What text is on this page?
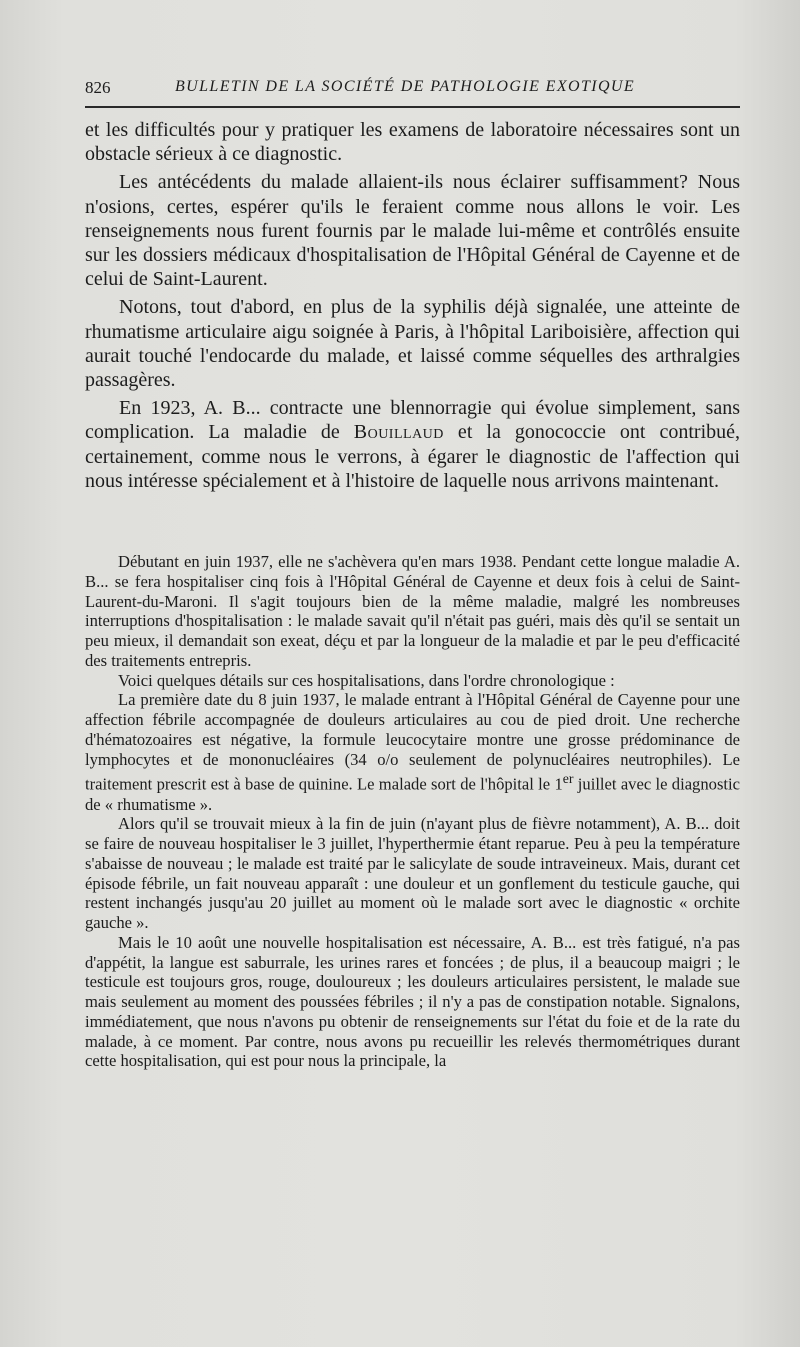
826	BULLETIN DE LA SOCIÉTÉ DE PATHOLOGIE EXOTIQUE

et les difficultés pour y pratiquer les examens de laboratoire nécessaires sont un obstacle sérieux à ce diagnostic.

Les antécédents du malade allaient-ils nous éclairer suffisamment? Nous n'osions, certes, espérer qu'ils le feraient comme nous allons le voir. Les renseignements nous furent fournis par le malade lui-même et contrôlés ensuite sur les dossiers médicaux d'hospitalisation de l'Hôpital Général de Cayenne et de celui de Saint-Laurent.

Notons, tout d'abord, en plus de la syphilis déjà signalée, une atteinte de rhumatisme articulaire aigu soignée à Paris, à l'hôpital Lariboisière, affection qui aurait touché l'endocarde du malade, et laissé comme séquelles des arthralgies passagères.

En 1923, A. B... contracte une blennorragie qui évolue simplement, sans complication. La maladie de Bouillaud et la gonococcie ont contribué, certainement, comme nous le verrons, à égarer le diagnostic de l'affection qui nous intéresse spécialement et à l'histoire de laquelle nous arrivons maintenant.

Débutant en juin 1937, elle ne s'achèvera qu'en mars 1938. Pendant cette longue maladie A. B... se fera hospitaliser cinq fois à l'Hôpital Général de Cayenne et deux fois à celui de Saint-Laurent-du-Maroni. Il s'agit toujours bien de la même maladie, malgré les nombreuses interruptions d'hospitalisation : le malade savait qu'il n'était pas guéri, mais dès qu'il se sentait un peu mieux, il demandait son exeat, déçu et par la longueur de la maladie et par le peu d'efficacité des traitements entrepris.

Voici quelques détails sur ces hospitalisations, dans l'ordre chronologique :

La première date du 8 juin 1937, le malade entrant à l'Hôpital Général de Cayenne pour une affection fébrile accompagnée de douleurs articulaires au cou de pied droit. Une recherche d'hématozoaires est négative, la formule leucocytaire montre une grosse prédominance de lymphocytes et de mononucléaires (34 o/o seulement de polynucléaires neutrophiles). Le traitement prescrit est à base de quinine. Le malade sort de l'hôpital le 1er juillet avec le diagnostic de « rhumatisme ».

Alors qu'il se trouvait mieux à la fin de juin (n'ayant plus de fièvre notamment), A. B... doit se faire de nouveau hospitaliser le 3 juillet, l'hyperthermie étant reparue. Peu à peu la température s'abaisse de nouveau ; le malade est traité par le salicylate de soude intraveineux. Mais, durant cet épisode fébrile, un fait nouveau apparaît : une douleur et un gonflement du testicule gauche, qui restent inchangés jusqu'au 20 juillet au moment où le malade sort avec le diagnostic « orchite gauche ».

Mais le 10 août une nouvelle hospitalisation est nécessaire, A. B... est très fatigué, n'a pas d'appétit, la langue est saburrale, les urines rares et foncées ; de plus, il a beaucoup maigri ; le testicule est toujours gros, rouge, douloureux ; les douleurs articulaires persistent, le malade sue mais seulement au moment des poussées fébriles ; il n'y a pas de constipation notable. Signalons, immédiatement, que nous n'avons pu obtenir de renseignements sur l'état du foie et de la rate du malade, à ce moment. Par contre, nous avons pu recueillir les relevés thermométriques durant cette hospitalisation, qui est pour nous la principale, la
